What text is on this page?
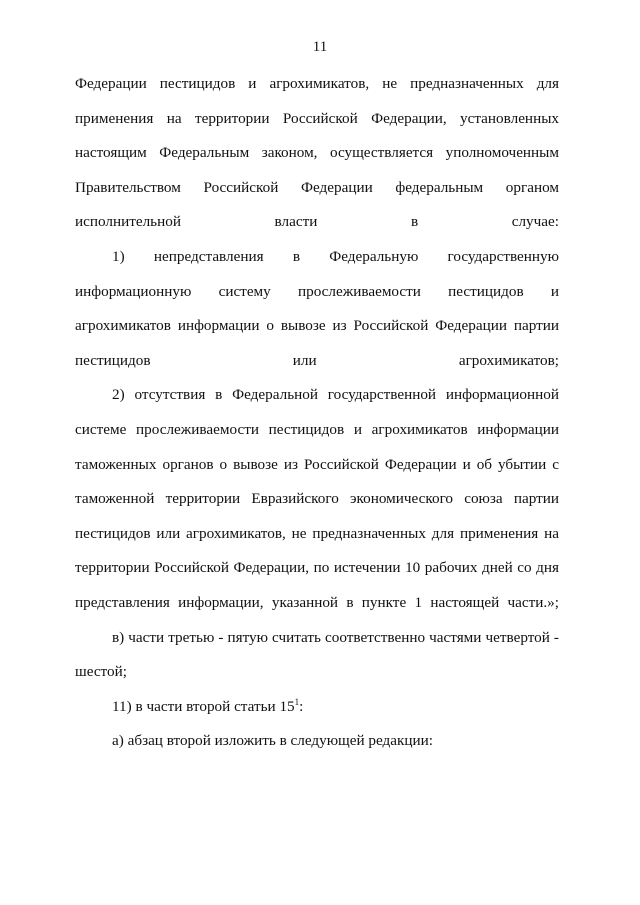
11

Федерации пестицидов и агрохимикатов, не предназначенных для применения на территории Российской Федерации, установленных настоящим Федеральным законом, осуществляется уполномоченным Правительством Российской Федерации федеральным органом исполнительной власти в случае:

1) непредставления в Федеральную государственную информационную систему прослеживаемости пестицидов и агрохимикатов информации о вывозе из Российской Федерации партии пестицидов или агрохимикатов;

2) отсутствия в Федеральной государственной информационной системе прослеживаемости пестицидов и агрохимикатов информации таможенных органов о вывозе из Российской Федерации и об убытии с таможенной территории Евразийского экономического союза партии пестицидов или агрохимикатов, не предназначенных для применения на территории Российской Федерации, по истечении 10 рабочих дней со дня представления информации, указанной в пункте 1 настоящей части.»;

в) части третью - пятую считать соответственно частями четвертой - шестой;

11) в части второй статьи $15^1$:

а) абзац второй изложить в следующей редакции:
